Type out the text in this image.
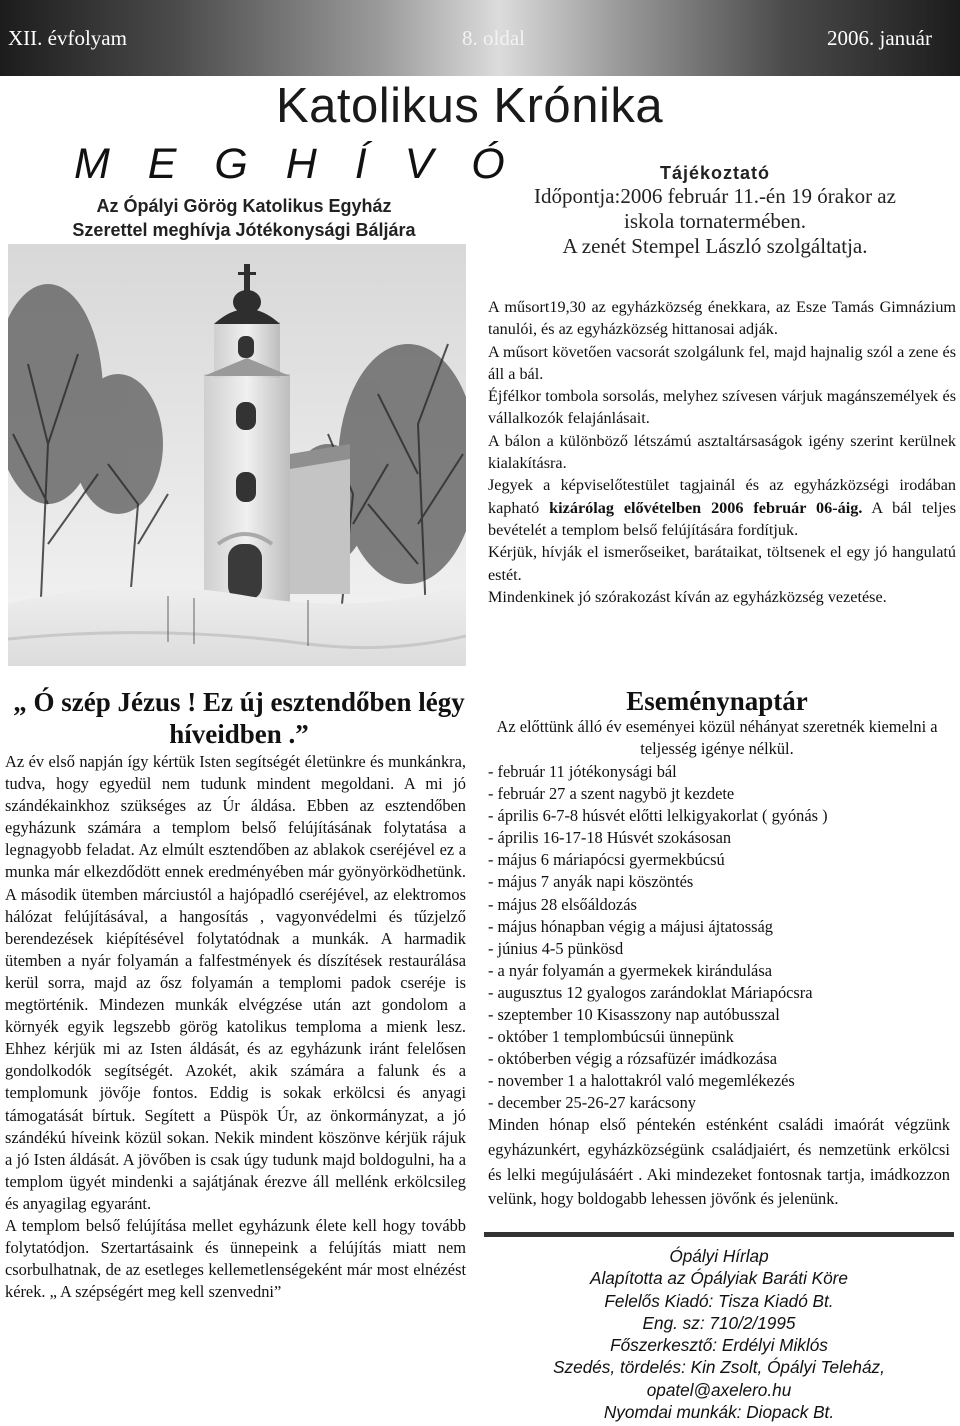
XII. évfolyam	8. oldal	2006. január
Katolikus Krónika
M E G H Í V Ó
Az Ópályi Görög Katolikus Egyház
Szerettel meghívja Jótékonysági Báljára
Tájékoztató
Időpontja:2006 február 11.-én 19 órakor az
iskola tornatermében.
A zenét Stempel László szolgáltatja.

A műsort19,30 az egyházközség énekkara, az Esze Tamás Gimnázium tanulói, és az egyházközség hittanosai adják.

A műsort követően vacsorát szolgálunk fel, majd hajnalig szól a zene és áll a bál.

Éjfélkor tombola sorsolás, melyhez szívesen várjuk magánszemélyek és vállalkozók felajánlásait.

A bálon a különböző létszámú asztaltársaságok igény szerint kerülnek kialakításra.

Jegyek a képviselőtestület tagjainál és az egyházközségi irodában kapható kizárólag elővételben 2006 február 06-áig. A bál teljes bevételét a templom belső felújítására fordítjuk.

Kérjük, hívják el ismerőseiket, barátaikat, töltsenek el egy jó hangulatú estét.

Mindenkinek jó szórakozást kíván az egyházközség vezetése.

„ Ó szép Jézus ! Ez új esztendőben légy híveidben .”

Az év első napján így kértük Isten segítségét életünkre és munkánkra, tudva, hogy egyedül nem tudunk mindent megoldani. A mi jó szándékainkhoz szükséges az Úr áldása. Ebben az esztendőben egyházunk számára a templom belső felújításának folytatása a legnagyobb feladat. Az elmúlt esztendőben az ablakok cseréjével ez a munka már elkezdődött ennek eredményében már gyönyörködhetünk. A második ütemben márciustól a hajópadló cseréjével, az elektromos hálózat felújításával, a hangosítás , vagyonvédelmi és tűzjelző berendezések kiépítésével folytatódnak a munkák. A harmadik ütemben a nyár folyamán a falfestmények és díszítések restaurálása kerül sorra, majd az ősz folyamán a templomi padok cseréje is megtörténik. Mindezen munkák elvégzése után azt gondolom a környék egyik legszebb görög katolikus temploma a mienk lesz. Ehhez kérjük mi az Isten áldását, és az egyházunk iránt felelősen gondolkodók segítségét. Azokét, akik számára a falunk és a templomunk jövője fontos. Eddig is sokak erkölcsi és anyagi támogatását bírtuk. Segített a Püspök Úr, az önkormányzat, a jó szándékú híveink közül sokan. Nekik mindent köszönve kérjük rájuk a jó Isten áldását. A jövőben is csak úgy tudunk majd boldogulni, ha a templom ügyét mindenki a sajátjának érezve áll mellénk erkölcsileg és anyagilag egyaránt.

A templom belső felújítása mellet egyházunk élete kell hogy tovább folytatódjon. Szertartásaink és ünnepeink a felújítás miatt nem csorbulhatnak, de az esetleges kellemetlenségeként már most elnézést kérek. „ A szépségért meg kell szenvedni”

Eseménynaptár
Az előttünk álló év eseményei közül néhányat szeretnék kiemelni a teljesség igénye nélkül.
- február 11 jótékonysági bál
- február 27 a szent nagybö jt kezdete
- április 6-7-8 húsvét előtti lelkigyakorlat ( gyónás )
- április 16-17-18 Húsvét szokásosan
- május 6 máriapócsi gyermekbúcsú
- május 7 anyák napi köszöntés
- május 28 elsőáldozás
- május hónapban végig a májusi ájtatosság
- június 4-5 pünkösd
- a nyár folyamán a gyermekek kirándulása
- augusztus 12 gyalogos zarándoklat Máriapócsra
- szeptember 10 Kisasszony nap autóbusszal
- október 1 templombúcsúi ünnepünk
- októberben végig a rózsafüzér imádkozása
- november 1 a halottakról való megemlékezés
- december 25-26-27 karácsony

Minden hónap első péntekén esténként családi imaórát végzünk egyházunkért, egyházközségünk családjaiért, és nemzetünk erkölcsi és lelki megújulásáért . Aki mindezeket fontosnak tartja, imádkozzon velünk, hogy boldogabb lehessen jövőnk és jelenünk.

Ópályi Hírlap
Alapította az Ópályiak Baráti Köre
Felelős Kiadó: Tisza Kiadó Bt.
Eng. sz: 710/2/1995
Főszerkesztő: Erdélyi Miklós
Szedés, tördelés: Kin Zsolt, Ópályi Teleház,
opatel@axelero.hu
Nyomdai munkák: Diopack Bt.
